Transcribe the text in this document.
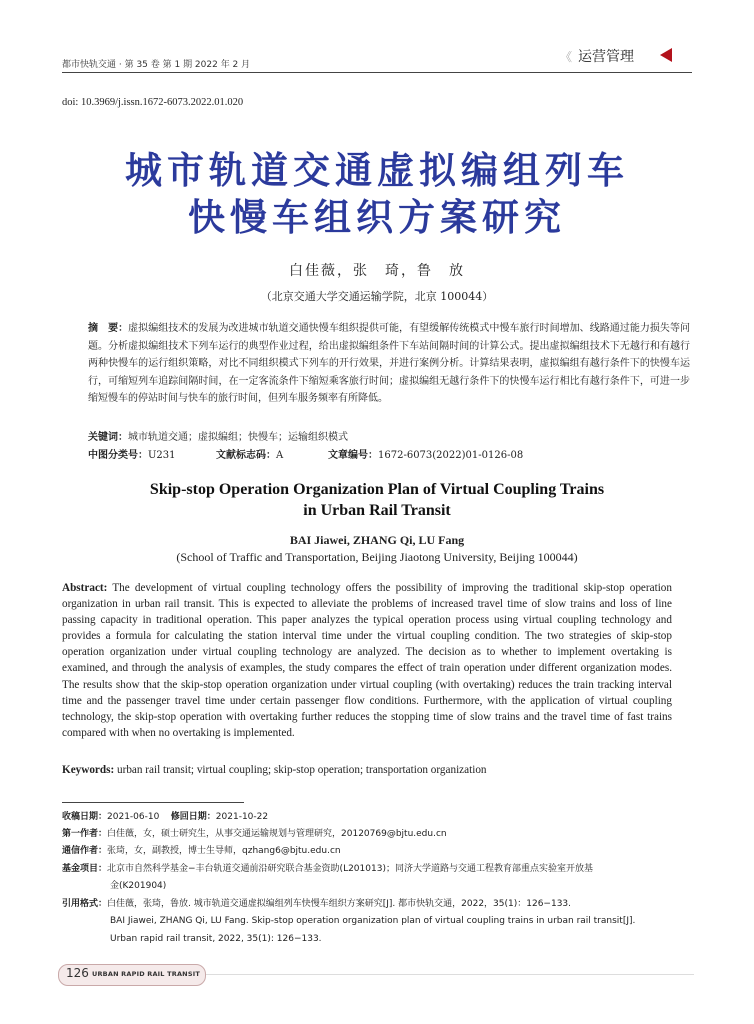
都市快轨交通 · 第 35 卷 第 1 期 2022 年 2 月
《 运营管理
doi: 10.3969/j.issn.1672-6073.2022.01.020
城市轨道交通虚拟编组列车
快慢车组织方案研究
白佳薇，张　琦，鲁　放
（北京交通大学交通运输学院，北京 100044）
摘　要：虚拟编组技术的发展为改进城市轨道交通快慢车组织提供可能，有望缓解传统模式中慢车旅行时间增加、线路通过能力损失等问题。分析虚拟编组技术下列车运行的典型作业过程，给出虚拟编组条件下车站间隔时间的计算公式。提出虚拟编组技术下无越行和有越行两种快慢车的运行组织策略，对比不同组织模式下列车的开行效果，并进行案例分析。计算结果表明，虚拟编组有越行条件下的快慢车运行，可缩短列车追踪间隔时间，在一定客流条件下缩短乘客旅行时间；虚拟编组无越行条件下的快慢车运行相比有越行条件下，可进一步缩短慢车的停站时间与快车的旅行时间，但列车服务频率有所降低。
关键词：城市轨道交通；虚拟编组；快慢车；运输组织模式
中图分类号：U231	文献标志码：A	文章编号：1672-6073(2022)01-0126-08
Skip-stop Operation Organization Plan of Virtual Coupling Trains
in Urban Rail Transit
BAI Jiawei, ZHANG Qi, LU Fang
(School of Traffic and Transportation, Beijing Jiaotong University, Beijing 100044)
Abstract: The development of virtual coupling technology offers the possibility of improving the traditional skip-stop operation organization in urban rail transit. This is expected to alleviate the problems of increased travel time of slow trains and loss of line passing capacity in traditional operation. This paper analyzes the typical operation process using virtual coupling technology and provides a formula for calculating the station interval time under the virtual coupling condition. The two strategies of skip-stop operation organization under virtual coupling technology are analyzed. The decision as to whether to implement overtaking is examined, and through the analysis of examples, the study compares the effect of train operation under different organization modes. The results show that the skip-stop operation organization under virtual coupling (with overtaking) reduces the train tracking interval time and the passenger travel time under certain passenger flow conditions. Furthermore, with the application of virtual coupling technology, the skip-stop operation with overtaking further reduces the stopping time of slow trains and the travel time of fast trains compared with when no overtaking is implemented.
Keywords: urban rail transit; virtual coupling; skip-stop operation; transportation organization
收稿日期：2021-06-10 修回日期：2021-10-22
第一作者：白佳薇，女，硕士研究生，从事交通运输规划与管理研究，20120769@bjtu.edu.cn
通信作者：张琦，女，副教授，博士生导师，qzhang6@bjtu.edu.cn
基金项目：北京市自然科学基金−丰台轨道交通前沿研究联合基金资助(L201013)；同济大学道路与交通工程教育部重点实验室开放基
金(K201904)
引用格式：白佳薇，张琦，鲁放. 城市轨道交通虚拟编组列车快慢车组织方案研究[J]. 都市快轨交通，2022，35(1)：126−133.
BAI Jiawei, ZHANG Qi, LU Fang. Skip-stop operation organization plan of virtual coupling trains in urban rail transit[J].
Urban rapid rail transit, 2022, 35(1): 126−133.
126 URBAN RAPID RAIL TRANSIT
